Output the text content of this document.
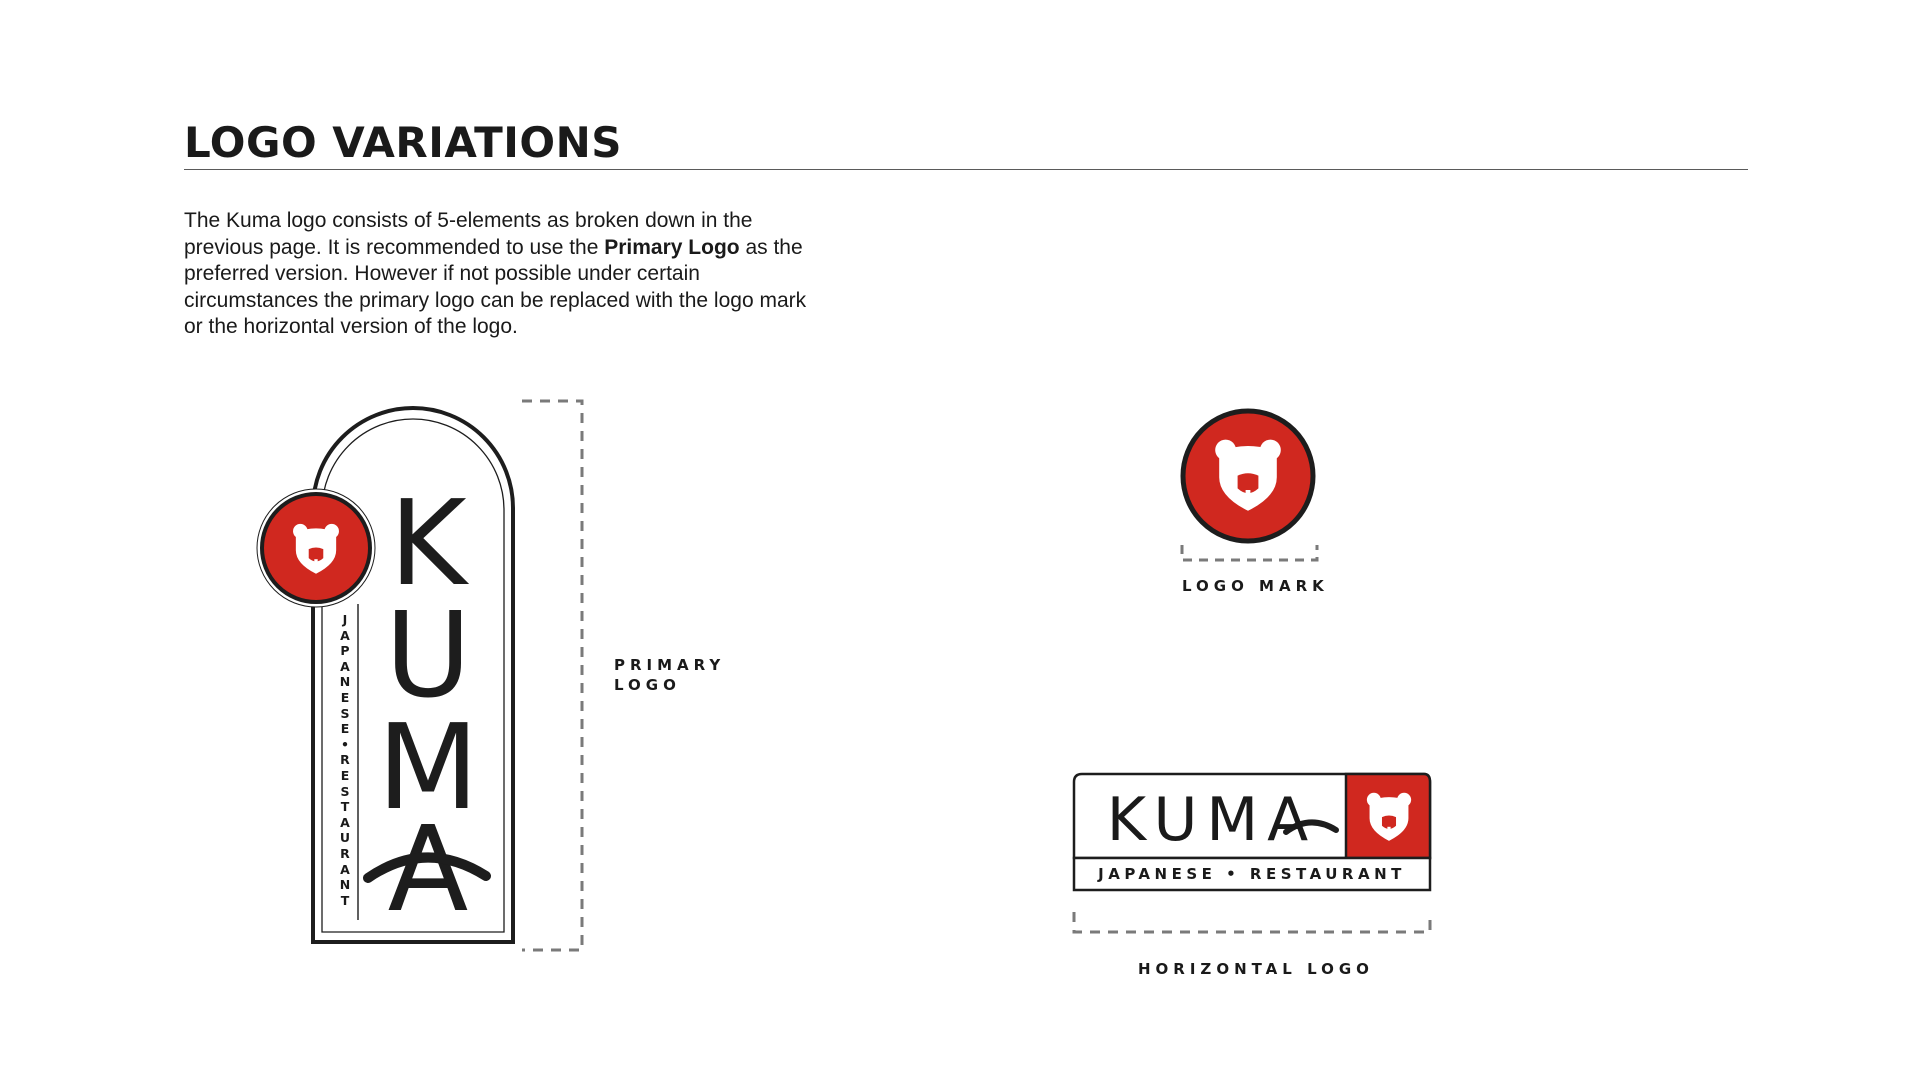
LOGO VARIATIONS

The Kuma logo consists of 5-elements as broken down in the previous page. It is recommended to use the Primary Logo as the preferred version. However if not possible under certain circumstances the primary logo can be replaced with the logo mark or the horizontal version of the logo.

K
U
M
A
J
A
P
A
N
E
S
E
•
R
E
S
T
A
U
R
A
N
T
PRIMARY
LOGO
LOGO MARK
KUMA
JAPANESE • RESTAURANT
HORIZONTAL LOGO
